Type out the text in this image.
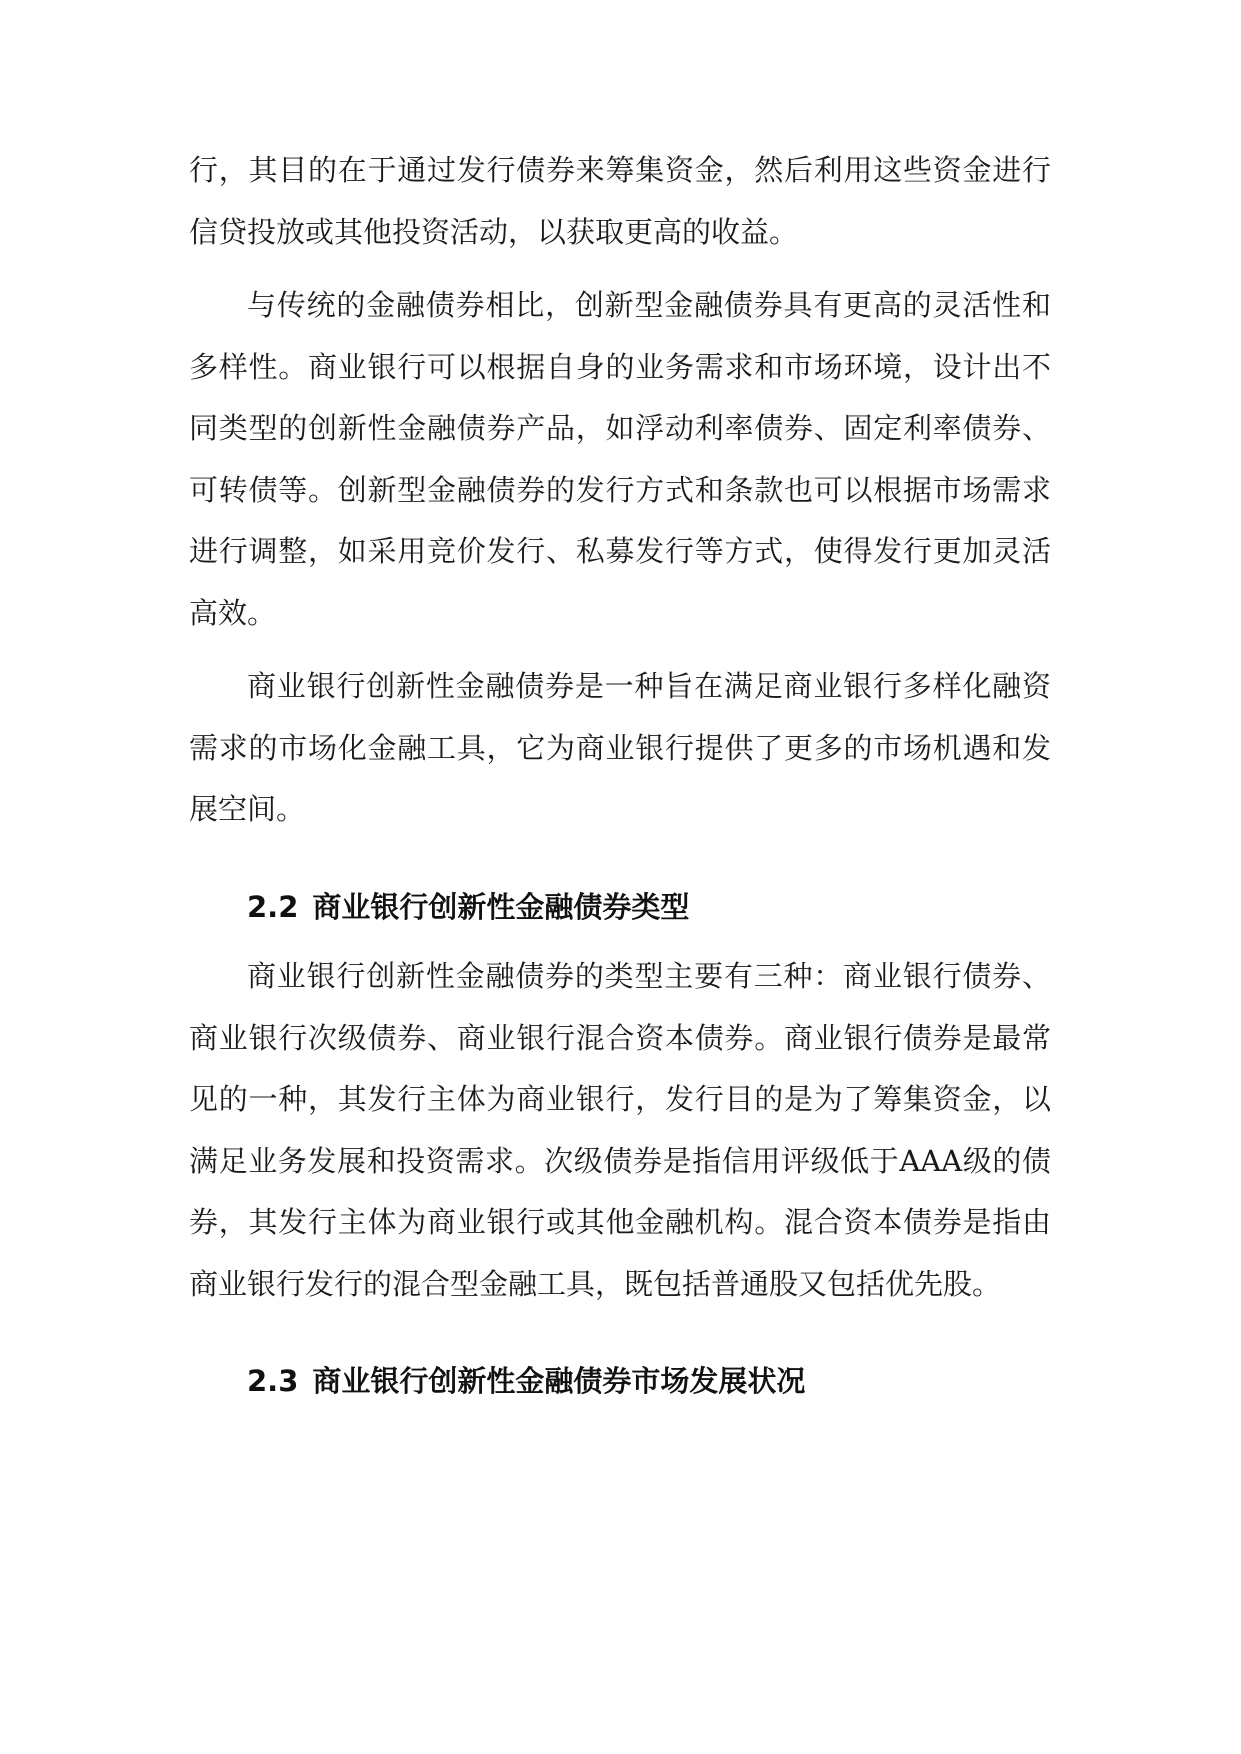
行，其目的在于通过发行债券来筹集资金，然后利用这些资金进行信贷投放或其他投资活动，以获取更高的收益。

与传统的金融债券相比，创新型金融债券具有更高的灵活性和多样性。商业银行可以根据自身的业务需求和市场环境，设计出不同类型的创新性金融债券产品，如浮动利率债券、固定利率债券、可转债等。创新型金融债券的发行方式和条款也可以根据市场需求进行调整，如采用竞价发行、私募发行等方式，使得发行更加灵活高效。

商业银行创新性金融债券是一种旨在满足商业银行多样化融资需求的市场化金融工具，它为商业银行提供了更多的市场机遇和发展空间。

2.2 商业银行创新性金融债券类型

商业银行创新性金融债券的类型主要有三种：商业银行债券、商业银行次级债券、商业银行混合资本债券。商业银行债券是最常见的一种，其发行主体为商业银行，发行目的是为了筹集资金，以满足业务发展和投资需求。次级债券是指信用评级低于AAA级的债券，其发行主体为商业银行或其他金融机构。混合资本债券是指由商业银行发行的混合型金融工具，既包括普通股又包括优先股。

2.3 商业银行创新性金融债券市场发展状况
